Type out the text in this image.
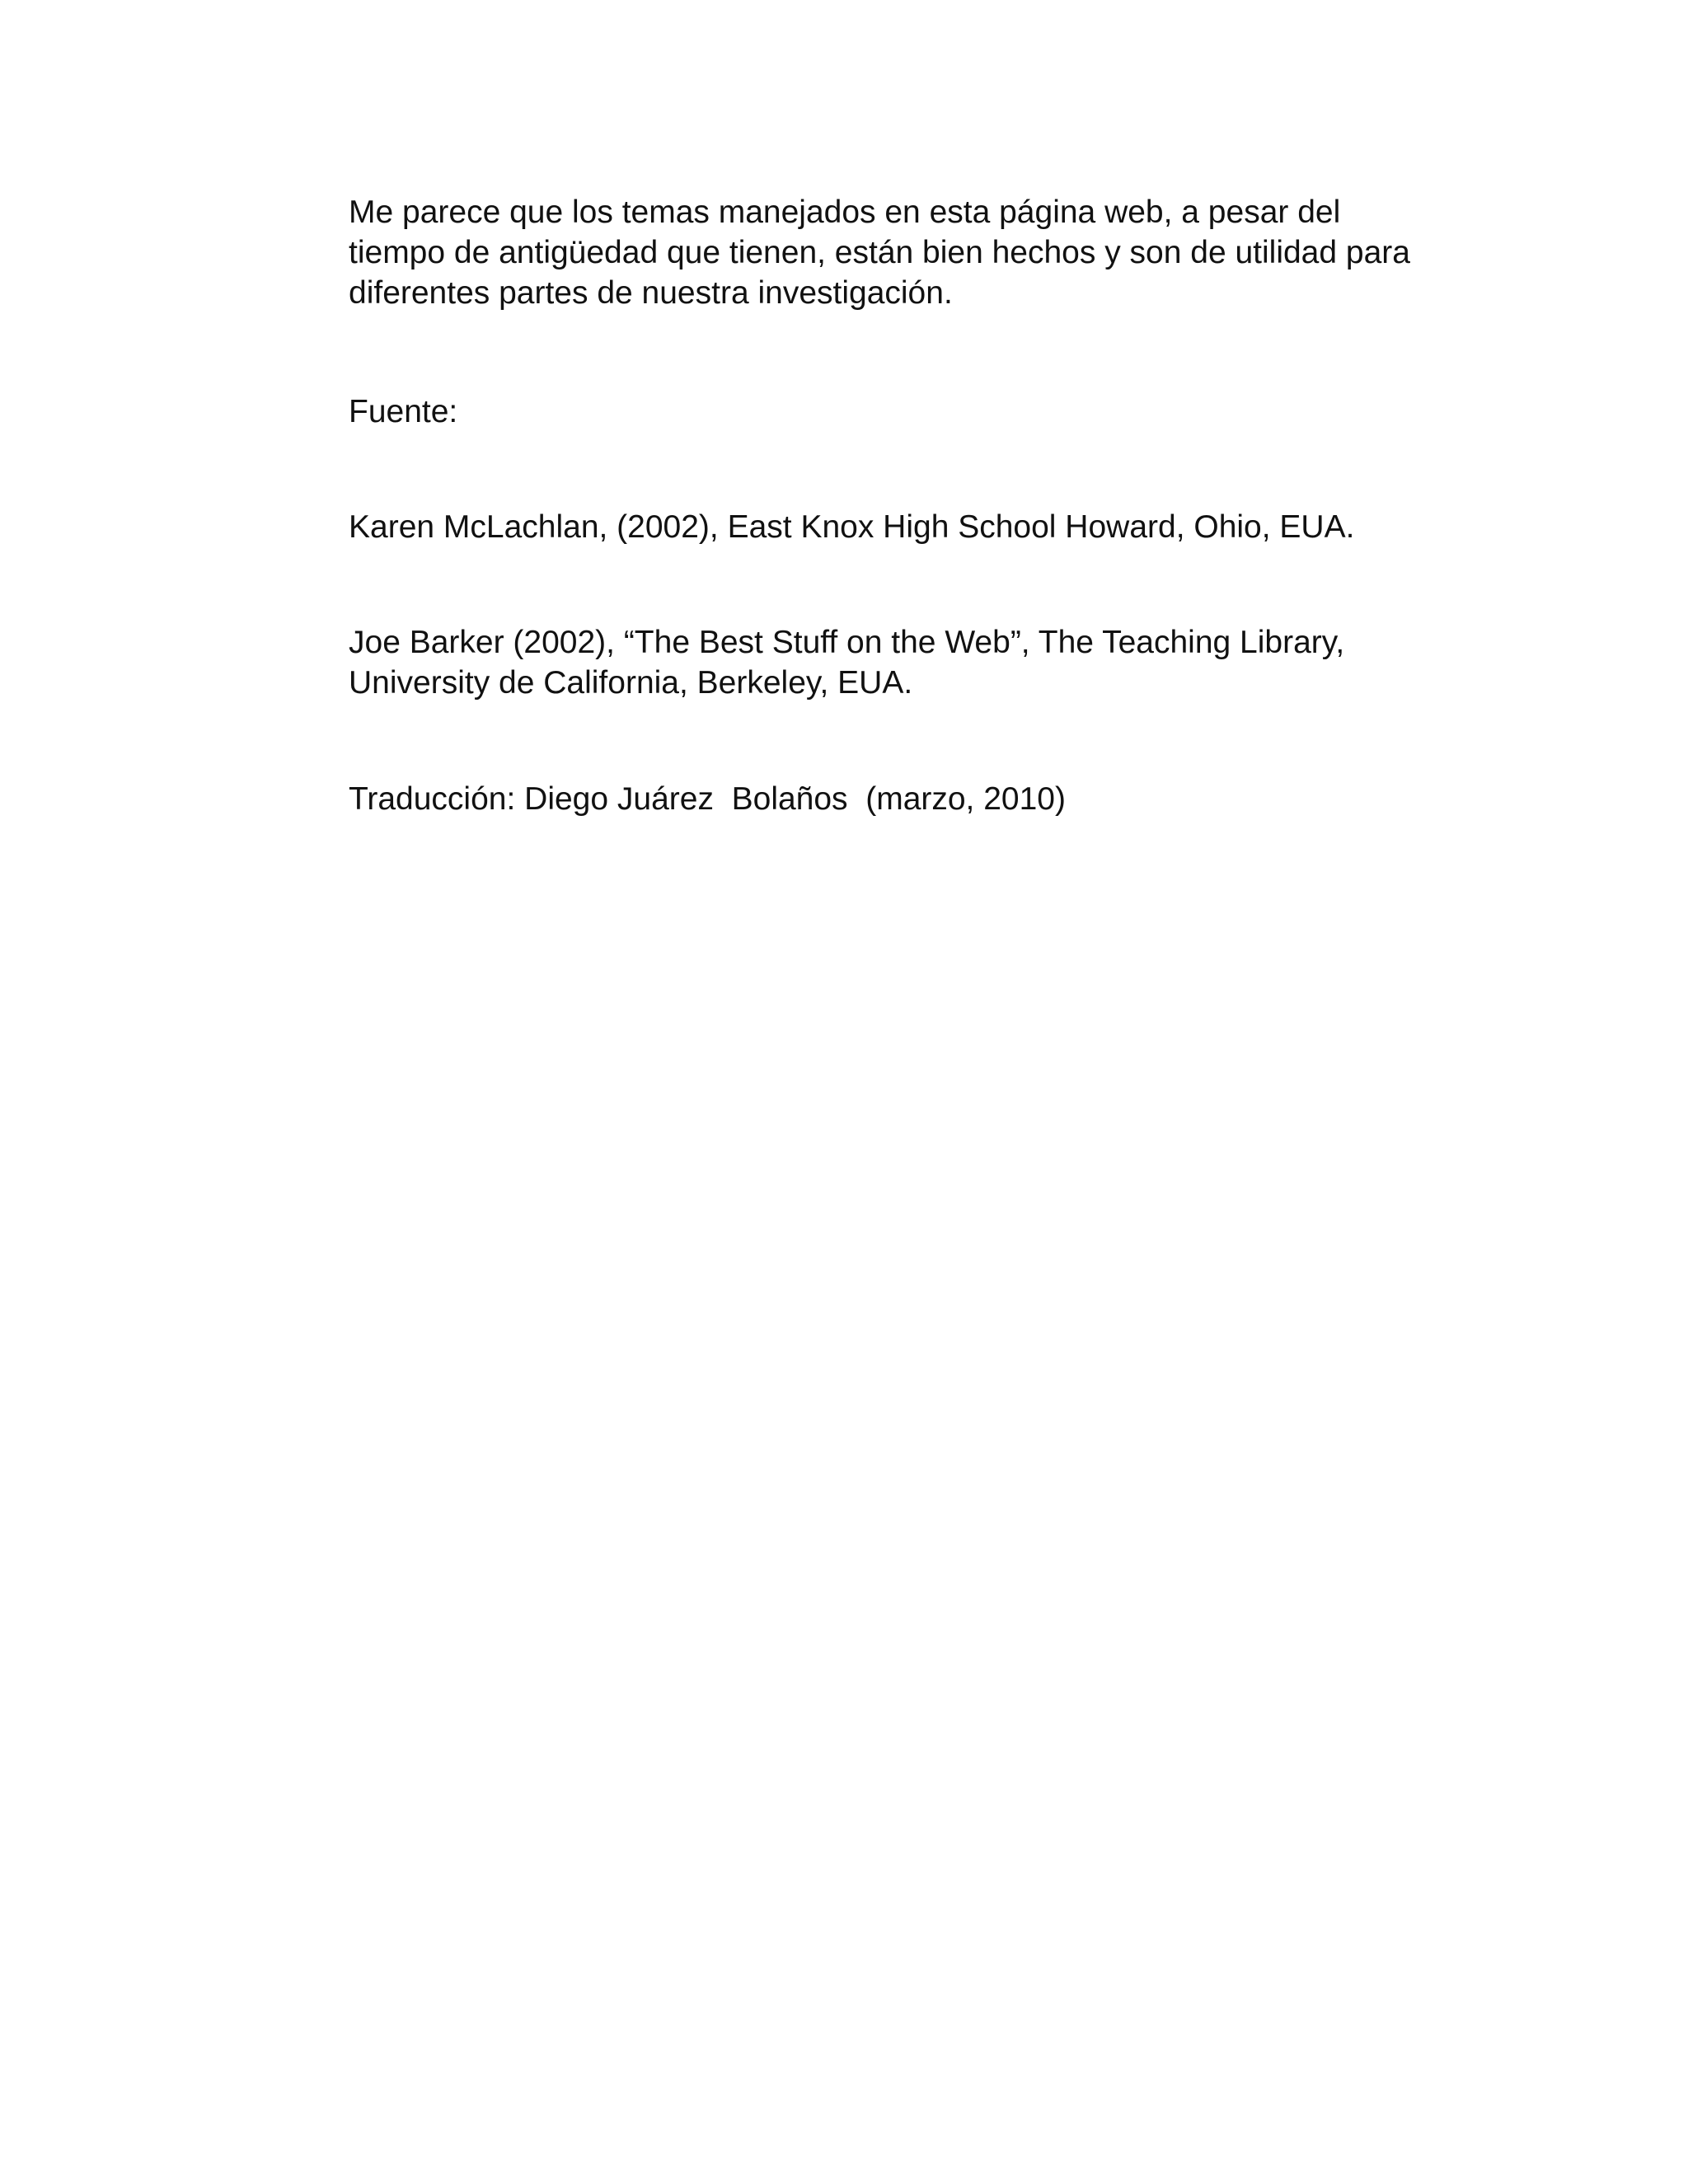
Me parece que los temas manejados en esta página web, a pesar del
tiempo de antigüedad que tienen, están bien hechos y son de utilidad para
diferentes partes de nuestra investigación.

Fuente:

Karen McLachlan, (2002), East Knox High School Howard, Ohio, EUA.

Joe Barker (2002), “The Best Stuff on the Web”, The Teaching Library,
University de California, Berkeley, EUA.

Traducción: Diego Juárez  Bolaños  (marzo, 2010)
